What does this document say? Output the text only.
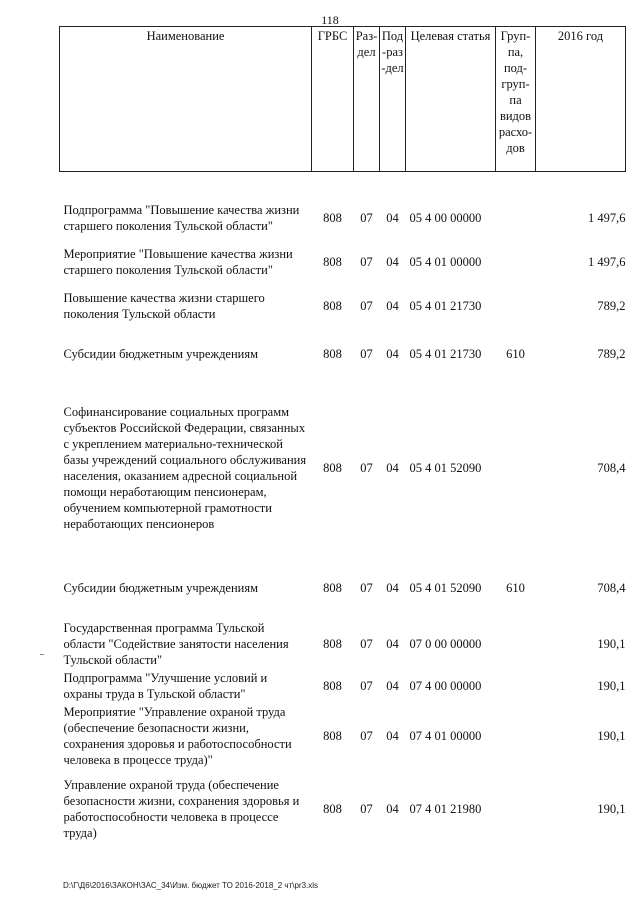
118
Наименование	ГРБС	Раз-дел	Под-раз-дел	Целевая статья	Груп-па, под-груп-па видов расхо-дов	2016 год

Подпрограмма "Повышение качества жизни старшего поколения Тульской области"	808	07	04	05 4 00 00000		1 497,6
Мероприятие "Повышение качества жизни старшего поколения Тульской области"	808	07	04	05 4 01 00000		1 497,6
Повышение качества жизни старшего поколения Тульской области	808	07	04	05 4 01 21730		789,2
Субсидии бюджетным учреждениям	808	07	04	05 4 01 21730	610	789,2
Софинансирование социальных программ субъектов Российской Федерации, связанных с укреплением материально-технической базы учреждений социального обслуживания населения, оказанием адресной социальной помощи неработающим пенсионерам, обучением компьютерной грамотности неработающих пенсионеров	808	07	04	05 4 01 52090		708,4
Субсидии бюджетным учреждениям	808	07	04	05 4 01 52090	610	708,4
Государственная программа Тульской области "Содействие занятости населения Тульской области"	808	07	04	07 0 00 00000		190,1
Подпрограмма "Улучшение условий и охраны труда в Тульской области"	808	07	04	07 4 00 00000		190,1
Мероприятие "Управление охраной труда (обеспечение безопасности жизни, сохранения здоровья и работоспособности человека в процессе труда)"	808	07	04	07 4 01 00000		190,1
Управление охраной труда (обеспечение безопасности жизни, сохранения здоровья и работоспособности человека в процессе труда)	808	07	04	07 4 01 21980		190,1
D:\Г\Д6\2016\ЗАКОН\ЗАС_34\Изм. бюджет ТО 2016-2018_2 чт\pr3.xls
